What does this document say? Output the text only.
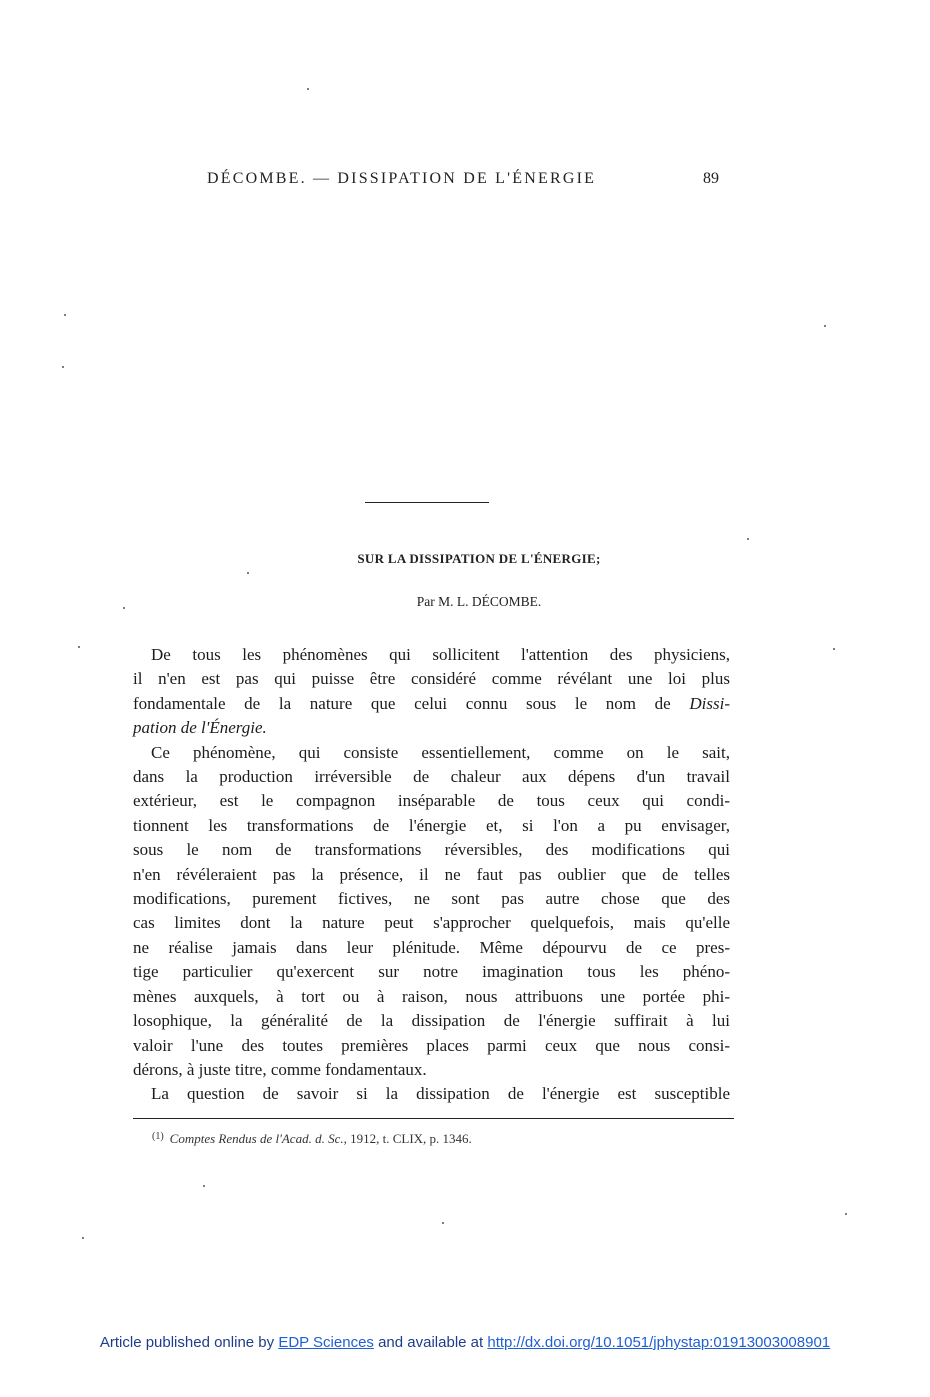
DÉCOMBE. — DISSIPATION DE L'ÉNERGIE	89
SUR LA DISSIPATION DE L'ÉNERGIE;
Par M. L. DÉCOMBE.

De tous les phénomènes qui sollicitent l'attention des physiciens,
il n'en est pas qui puisse être considéré comme révélant une loi plus
fondamentale de la nature que celui connu sous le nom de Dissi-
pation de l'Énergie.

Ce phénomène, qui consiste essentiellement, comme on le sait,
dans la production irréversible de chaleur aux dépens d'un travail
extérieur, est le compagnon inséparable de tous ceux qui condi-
tionnent les transformations de l'énergie et, si l'on a pu envisager,
sous le nom de transformations réversibles, des modifications qui
n'en révéleraient pas la présence, il ne faut pas oublier que de telles
modifications, purement fictives, ne sont pas autre chose que des
cas limites dont la nature peut s'approcher quelquefois, mais qu'elle
ne réalise jamais dans leur plénitude. Même dépourvu de ce pres-
tige particulier qu'exercent sur notre imagination tous les phéno-
mènes auxquels, à tort ou à raison, nous attribuons une portée phi-
losophique, la généralité de la dissipation de l'énergie suffirait à lui
valoir l'une des toutes premières places parmi ceux que nous consi-
dérons, à juste titre, comme fondamentaux.

La question de savoir si la dissipation de l'énergie est susceptible

$^{(1)}$ Comptes Rendus de l'Acad. d. Sc., 1912, t. CLIX, p. 1346.
Article published online by EDP Sciences and available at http://dx.doi.org/10.1051/jphystap:01913003008901
